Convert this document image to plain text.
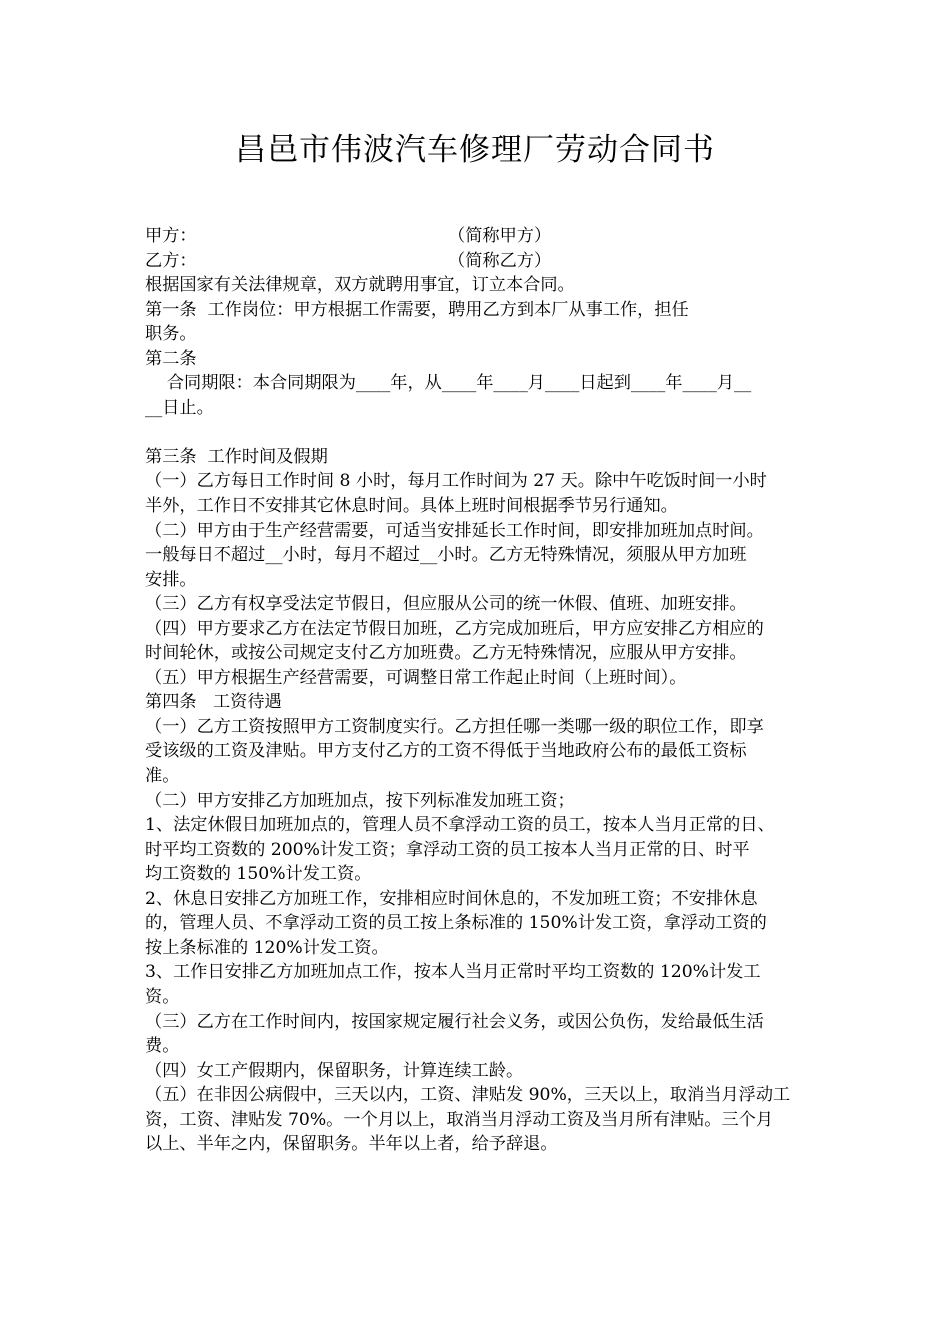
昌邑市伟波汽车修理厂劳动合同书
甲方：	（简称甲方）
乙方：	（简称乙方）
根据国家有关法律规章，双方就聘用事宜，订立本合同。
第一条  工作岗位：甲方根据工作需要，聘用乙方到本厂从事工作，担任
职务。
第二条
合同期限：本合同期限为____年，从____年____月____日起到____年____月__
__日止。
第三条  工作时间及假期
（一）乙方每日工作时间 8 小时，每月工作时间为 27 天。除中午吃饭时间一小时
半外，工作日不安排其它休息时间。具体上班时间根据季节另行通知。
（二）甲方由于生产经营需要，可适当安排延长工作时间，即安排加班加点时间。
一般每日不超过__小时，每月不超过__小时。乙方无特殊情况，须服从甲方加班
安排。
（三）乙方有权享受法定节假日，但应服从公司的统一休假、值班、加班安排。
（四）甲方要求乙方在法定节假日加班，乙方完成加班后，甲方应安排乙方相应的
时间轮休，或按公司规定支付乙方加班费。乙方无特殊情况，应服从甲方安排。
（五）甲方根据生产经营需要，可调整日常工作起止时间（上班时间）。
第四条   工资待遇
（一）乙方工资按照甲方工资制度实行。乙方担任哪一类哪一级的职位工作，即享
受该级的工资及津贴。甲方支付乙方的工资不得低于当地政府公布的最低工资标
准。
（二）甲方安排乙方加班加点，按下列标准发加班工资；
1、法定休假日加班加点的，管理人员不拿浮动工资的员工，按本人当月正常的日、
时平均工资数的 200%计发工资；拿浮动工资的员工按本人当月正常的日、时平
均工资数的 150%计发工资。
2、休息日安排乙方加班工作，安排相应时间休息的，不发加班工资；不安排休息
的，管理人员、不拿浮动工资的员工按上条标准的 150%计发工资，拿浮动工资的
按上条标准的 120%计发工资。
3、工作日安排乙方加班加点工作，按本人当月正常时平均工资数的 120%计发工
资。
（三）乙方在工作时间内，按国家规定履行社会义务，或因公负伤，发给最低生活
费。
（四）女工产假期内，保留职务，计算连续工龄。
（五）在非因公病假中，三天以内，工资、津贴发 90%，三天以上，取消当月浮动工
资，工资、津贴发 70%。一个月以上，取消当月浮动工资及当月所有津贴。三个月
以上、半年之内，保留职务。半年以上者，给予辞退。
